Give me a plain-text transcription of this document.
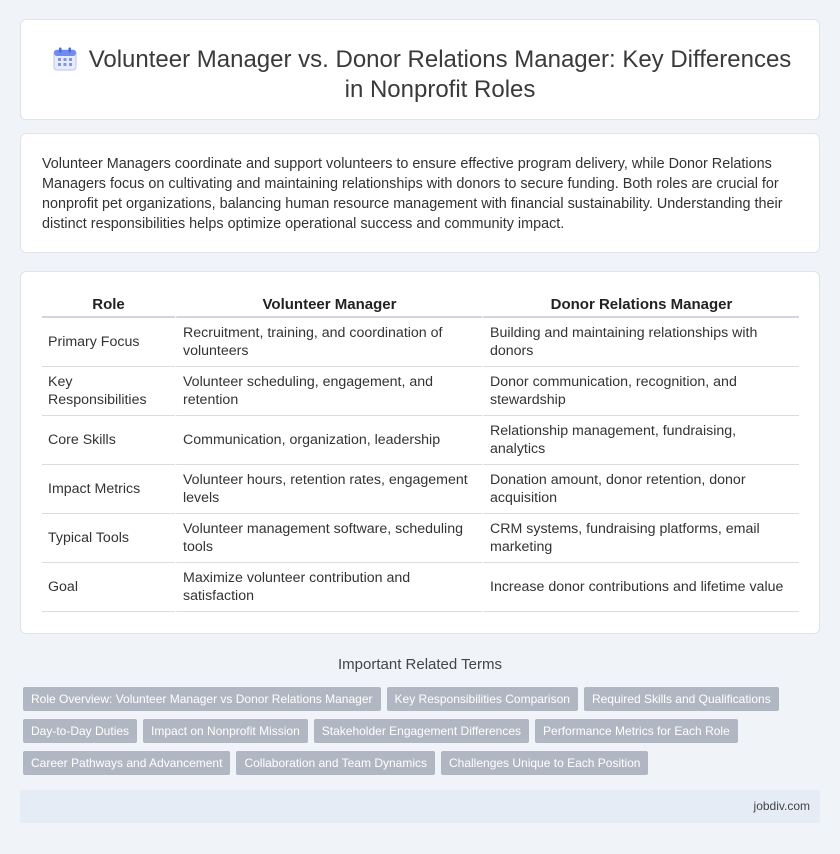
Volunteer Manager vs. Donor Relations Manager: Key Differences in Nonprofit Roles

Volunteer Managers coordinate and support volunteers to ensure effective program delivery, while Donor Relations Managers focus on cultivating and maintaining relationships with donors to secure funding. Both roles are crucial for nonprofit pet organizations, balancing human resource management with financial sustainability. Understanding their distinct responsibilities helps optimize operational success and community impact.

Role	Volunteer Manager	Donor Relations Manager
Primary Focus	Recruitment, training, and coordination of volunteers	Building and maintaining relationships with donors
Key Responsibilities	Volunteer scheduling, engagement, and retention	Donor communication, recognition, and stewardship
Core Skills	Communication, organization, leadership	Relationship management, fundraising, analytics
Impact Metrics	Volunteer hours, retention rates, engagement levels	Donation amount, donor retention, donor acquisition
Typical Tools	Volunteer management software, scheduling tools	CRM systems, fundraising platforms, email marketing
Goal	Maximize volunteer contribution and satisfaction	Increase donor contributions and lifetime value
Important Related Terms
Role Overview: Volunteer Manager vs Donor Relations Manager	Key Responsibilities Comparison	Required Skills and Qualifications
Day-to-Day Duties	Impact on Nonprofit Mission	Stakeholder Engagement Differences	Performance Metrics for Each Role
Career Pathways and Advancement	Collaboration and Team Dynamics	Challenges Unique to Each Position
jobdiv.com
